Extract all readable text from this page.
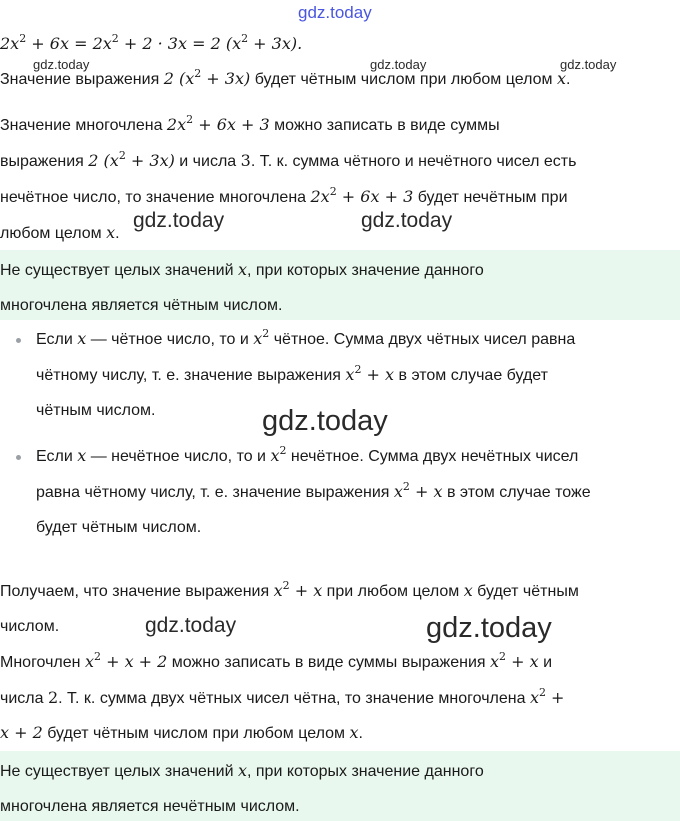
gdz.today
gdz.today	gdz.today	gdz.today
gdz.today	gdz.today
gdz.today
gdz.today	gdz.today
$2x^2 + 6x = 2x^2 + 2 \cdot 3x = 2$ $(x^2 + 3x)$.
Значение выражения 2 $(x^2 + 3x)$ будет чётным числом при любом целом x.
Значение многочлена $2x^2 + 6x + 3$ можно записать в виде суммы
выражения 2 $(x^2 + 3x)$ и числа 3. Т. к. сумма чётного и нечётного чисел есть
нечётное число, то значение многочлена $2x^2 + 6x + 3$ будет нечётным при
любом целом x.
Не существует целых значений x, при которых значение данного
многочлена является чётным числом.
Если x — чётное число, то и $x^2$ чётное. Сумма двух чётных чисел равна
чётному числу, т. е. значение выражения $x^2 + x$ в этом случае будет
чётным числом.
Если x — нечётное число, то и $x^2$ нечётное. Сумма двух нечётных чисел
равна чётному числу, т. е. значение выражения $x^2 + x$ в этом случае тоже
будет чётным числом.
Получаем, что значение выражения $x^2 + x$ при любом целом x будет чётным
числом.
Многочлен $x^2 + x + 2$ можно записать в виде суммы выражения $x^2 + x$ и
числа 2. Т. к. сумма двух чётных чисел чётна, то значение многочлена $x^2$ +
x + 2 будет чётным числом при любом целом x.
Не существует целых значений x, при которых значение данного
многочлена является нечётным числом.
